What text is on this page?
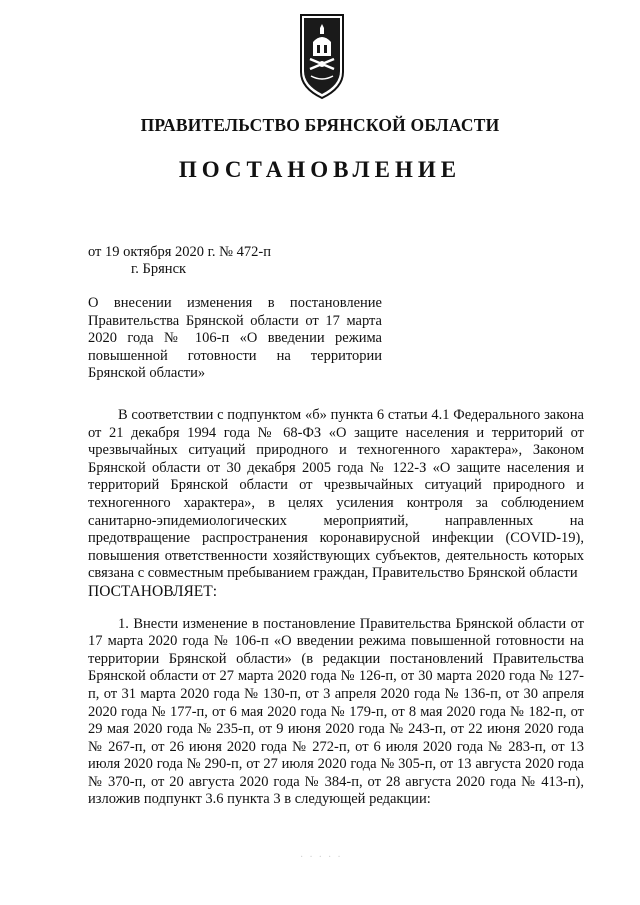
ПРАВИТЕЛЬСТВО БРЯНСКОЙ ОБЛАСТИ
ПОСТАНОВЛЕНИЕ
от 19 октября 2020 г. № 472-п
г. Брянск
О внесении изменения в постановление Правительства Брянской области от 17 марта 2020 года № 106-п «О введении режима повышенной готовности на территории Брянской области»

В соответствии с подпунктом «б» пункта 6 статьи 4.1 Федерального закона от 21 декабря 1994 года № 68-ФЗ «О защите населения и территорий от чрезвычайных ситуаций природного и техногенного характера», Законом Брянской области от 30 декабря 2005 года № 122-З «О защите населения и территорий Брянской области от чрезвычайных ситуаций природного и техногенного характера», в целях усиления контроля за соблюдением санитарно-эпидемиологических мероприятий, направленных на предотвращение распространения коронавирусной инфекции (COVID-19), повышения ответственности хозяйствующих субъектов, деятельность которых связана с совместным пребыванием граждан, Правительство Брянской области

ПОСТАНОВЛЯЕТ:

1. Внести изменение в постановление Правительства Брянской области от 17 марта 2020 года № 106-п «О введении режима повышенной готовности на территории Брянской области» (в редакции постановлений Правительства Брянской области от 27 марта 2020 года № 126-п, от 30 марта 2020 года № 127-п, от 31 марта 2020 года № 130-п, от 3 апреля 2020 года № 136-п, от 30 апреля 2020 года № 177-п, от 6 мая 2020 года № 179-п, от 8 мая 2020 года № 182-п, от 29 мая 2020 года № 235-п, от 9 июня 2020 года № 243-п, от 22 июня 2020 года № 267-п, от 26 июня 2020 года № 272-п, от 6 июля 2020 года № 283-п, от 13 июля 2020 года № 290-п, от 27 июля 2020 года № 305-п, от 13 августа 2020 года № 370-п, от 20 августа 2020 года № 384-п, от 28 августа 2020 года № 413-п), изложив подпункт 3.6 пункта 3 в следующей редакции:

·····
